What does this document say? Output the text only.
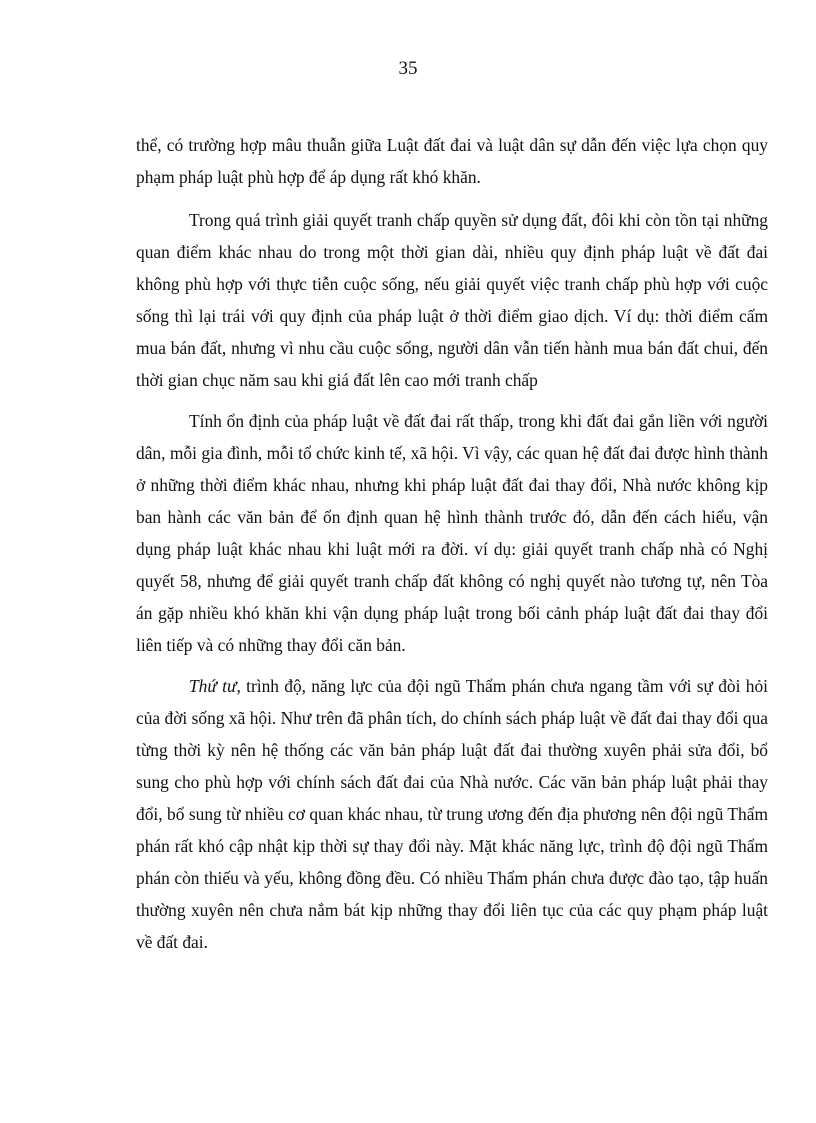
35

thể, có trường hợp mâu thuẫn giữa Luật đất đai và luật dân sự dẫn đến việc lựa chọn quy phạm pháp luật phù hợp để áp dụng rất khó khăn.

Trong quá trình giải quyết tranh chấp quyền sử dụng đất, đôi khi còn tồn tại những quan điểm khác nhau do trong một thời gian dài, nhiều quy định pháp luật về đất đai không phù hợp với thực tiễn cuộc sống, nếu giải quyết việc tranh chấp phù hợp với cuộc sống thì lại trái với quy định của pháp luật ở thời điểm giao dịch. Ví dụ: thời điểm cấm mua bán đất, nhưng vì nhu cầu cuộc sống, người dân vẫn tiến hành mua bán đất chui, đến thời gian chục năm sau khi giá đất lên cao mới tranh chấp

Tính ổn định của pháp luật về đất đai rất thấp, trong khi đất đai gắn liền với người dân, mỗi gia đình, mỗi tổ chức kinh tế, xã hội. Vì vậy, các quan hệ đất đai được hình thành ở những thời điểm khác nhau, nhưng khi pháp luật đất đai thay đổi, Nhà nước không kịp ban hành các văn bản để ổn định quan hệ hình thành trước đó, dẫn đến cách hiểu, vận dụng pháp luật khác nhau khi luật mới ra đời. ví dụ: giải quyết tranh chấp nhà có Nghị quyết 58, nhưng để giải quyết tranh chấp đất không có nghị quyết nào tương tự, nên Tòa án gặp nhiều khó khăn khi vận dụng pháp luật trong bối cảnh pháp luật đất đai thay đổi liên tiếp và có những thay đổi căn bản.

Thứ tư, trình độ, năng lực của đội ngũ Thẩm phán chưa ngang tầm với sự đòi hỏi của đời sống xã hội. Như trên đã phân tích, do chính sách pháp luật về đất đai thay đổi qua từng thời kỳ nên hệ thống các văn bản pháp luật đất đai thường xuyên phải sửa đổi, bổ sung cho phù hợp với chính sách đất đai của Nhà nước. Các văn bản pháp luật phải thay đổi, bổ sung từ nhiều cơ quan khác nhau, từ trung ương đến địa phương nên đội ngũ Thẩm phán rất khó cập nhật kịp thời sự thay đổi này. Mặt khác năng lực, trình độ đội ngũ Thẩm phán còn thiếu và yếu, không đồng đều. Có nhiều Thẩm phán chưa được đào tạo, tập huấn thường xuyên nên chưa nắm bát kịp những thay đổi liên tục của các quy phạm pháp luật về đất đai.
